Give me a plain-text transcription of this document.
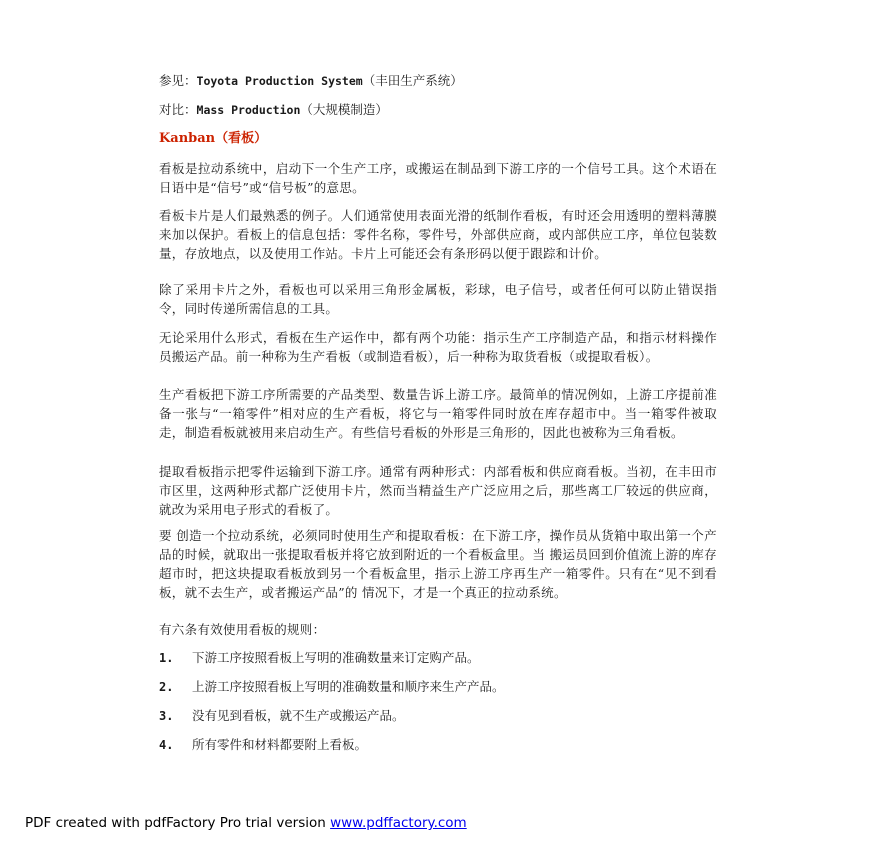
参见：Toyota Production System（丰田生产系统）
对比：Mass Production（大规模制造）
Kanban（看板）
看板是拉动系统中，启动下一个生产工序，或搬运在制品到下游工序的一个信号工具。这个术语在日语中是“信号”或“信号板”的意思。
看板卡片是人们最熟悉的例子。人们通常使用表面光滑的纸制作看板，有时还会用透明的塑料薄膜来加以保护。看板上的信息包括：零件名称，零件号，外部供应商，或内部供应工序，单位包装数量，存放地点，以及使用工作站。卡片上可能还会有条形码以便于跟踪和计价。
除了采用卡片之外，看板也可以采用三角形金属板，彩球，电子信号，或者任何可以防止错误指令，同时传递所需信息的工具。
无论采用什么形式，看板在生产运作中，都有两个功能：指示生产工序制造产品，和指示材料操作员搬运产品。前一种称为生产看板（或制造看板），后一种称为取货看板（或提取看板）。
生产看板把下游工序所需要的产品类型、数量告诉上游工序。最简单的情况例如，上游工序提前准备一张与“一箱零件”相对应的生产看板，将它与一箱零件同时放在库存超市中。当一箱零件被取走，制造看板就被用来启动生产。有些信号看板的外形是三角形的，因此也被称为三角看板。
提取看板指示把零件运输到下游工序。通常有两种形式：内部看板和供应商看板。当初，在丰田市市区里，这两种形式都广泛使用卡片，然而当精益生产广泛应用之后，那些离工厂较远的供应商，就改为采用电子形式的看板了。
要 创造一个拉动系统，必须同时使用生产和提取看板：在下游工序，操作员从货箱中取出第一个产品的时候，就取出一张提取看板并将它放到附近的一个看板盒里。当 搬运员回到价值流上游的库存超市时，把这块提取看板放到另一个看板盒里，指示上游工序再生产一箱零件。只有在“见不到看板，就不去生产，或者搬运产品”的 情况下，才是一个真正的拉动系统。
有六条有效使用看板的规则：
1. 下游工序按照看板上写明的准确数量来订定购产品。
2. 上游工序按照看板上写明的准确数量和顺序来生产产品。
3. 没有见到看板，就不生产或搬运产品。
4. 所有零件和材料都要附上看板。
PDF created with pdfFactory Pro trial version www.pdffactory.com
